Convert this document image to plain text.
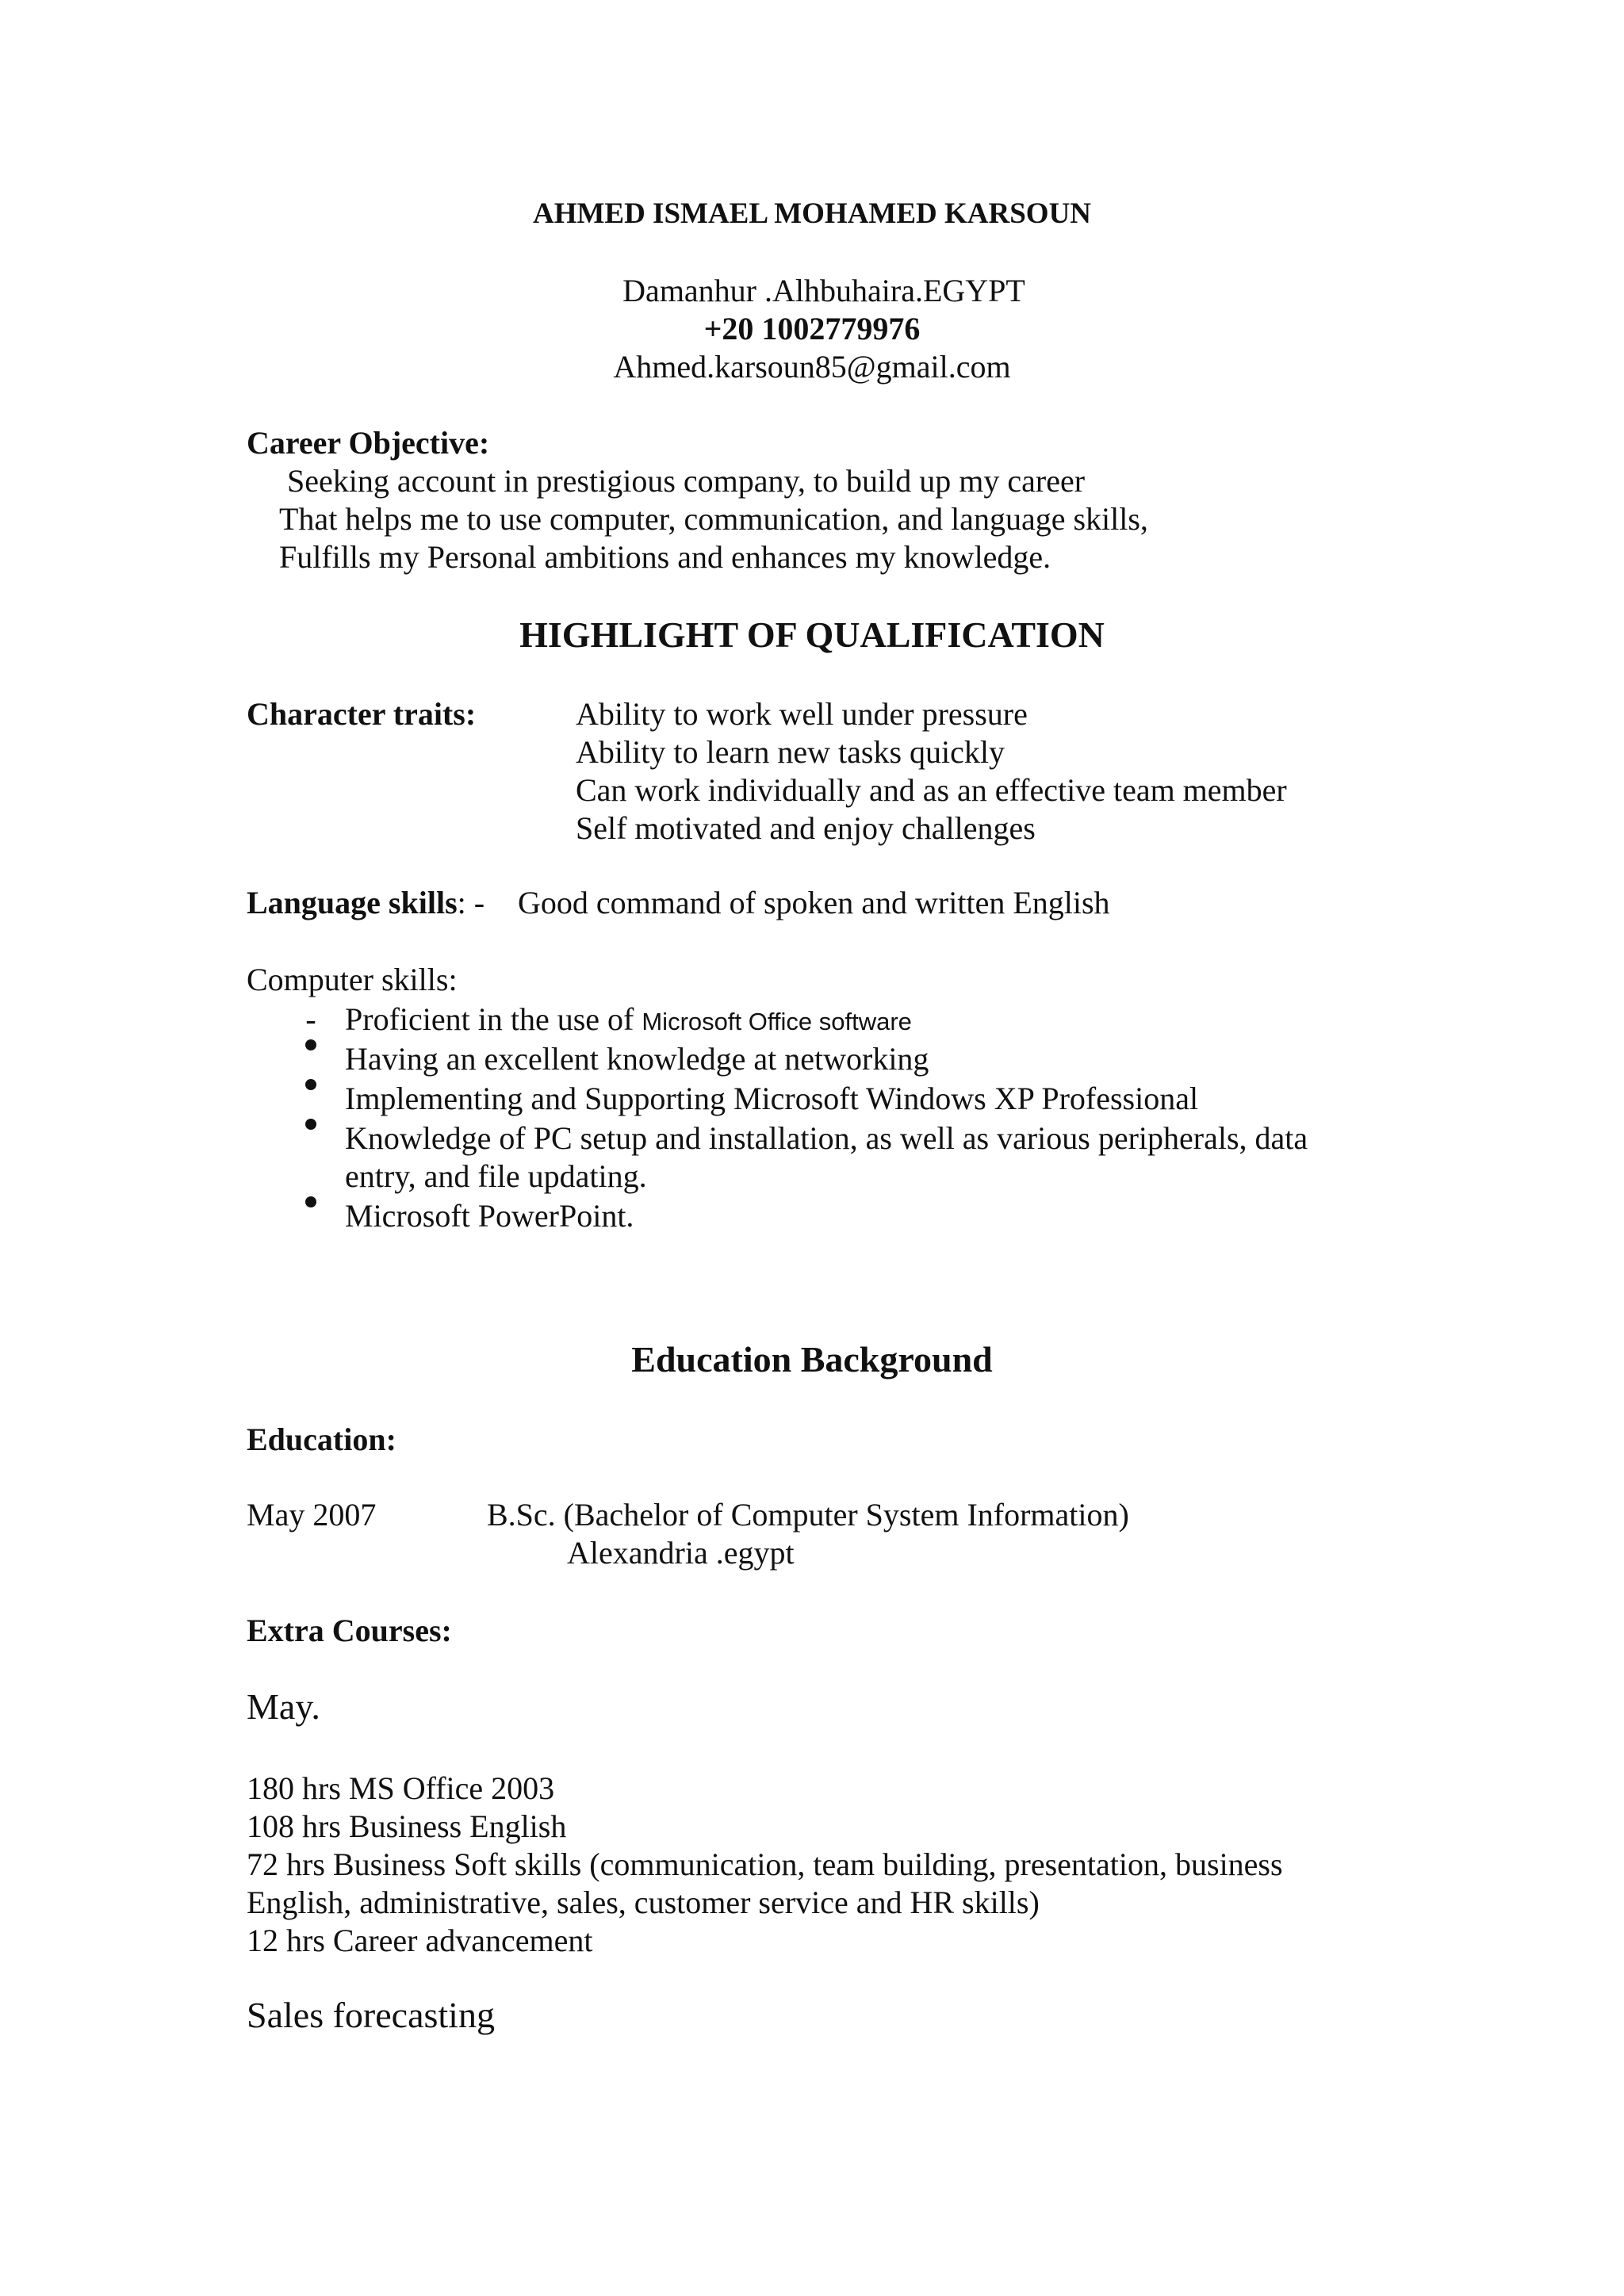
AHMED ISMAEL MOHAMED KARSOUN
Damanhur .Alhbuhaira.EGYPT
+20 1002779976
Ahmed.karsoun85@gmail.com
Career Objective:
Seeking account in prestigious company, to build up my career
That helps me to use computer, communication, and language skills,
Fulfills my Personal ambitions and enhances my knowledge.
HIGHLIGHT OF QUALIFICATION
Character traits:	Ability to work well under pressure
Ability to learn new tasks quickly
Can work individually and as an effective team member
Self motivated and enjoy challenges
Language skills: - Good command of spoken and written English
Computer skills:
- Proficient in the use of Microsoft Office software
Having an excellent knowledge at networking
Implementing and Supporting Microsoft Windows XP Professional
Knowledge of PC setup and installation, as well as various peripherals, data
entry, and file updating.
Microsoft PowerPoint.
Education Background
Education:
May 2007	B.Sc. (Bachelor of Computer System Information)
Alexandria .egypt
Extra Courses:
May.
180 hrs MS Office 2003
108 hrs Business English
72 hrs Business Soft skills (communication, team building, presentation, business
English, administrative, sales, customer service and HR skills)
12 hrs Career advancement
Sales forecasting
